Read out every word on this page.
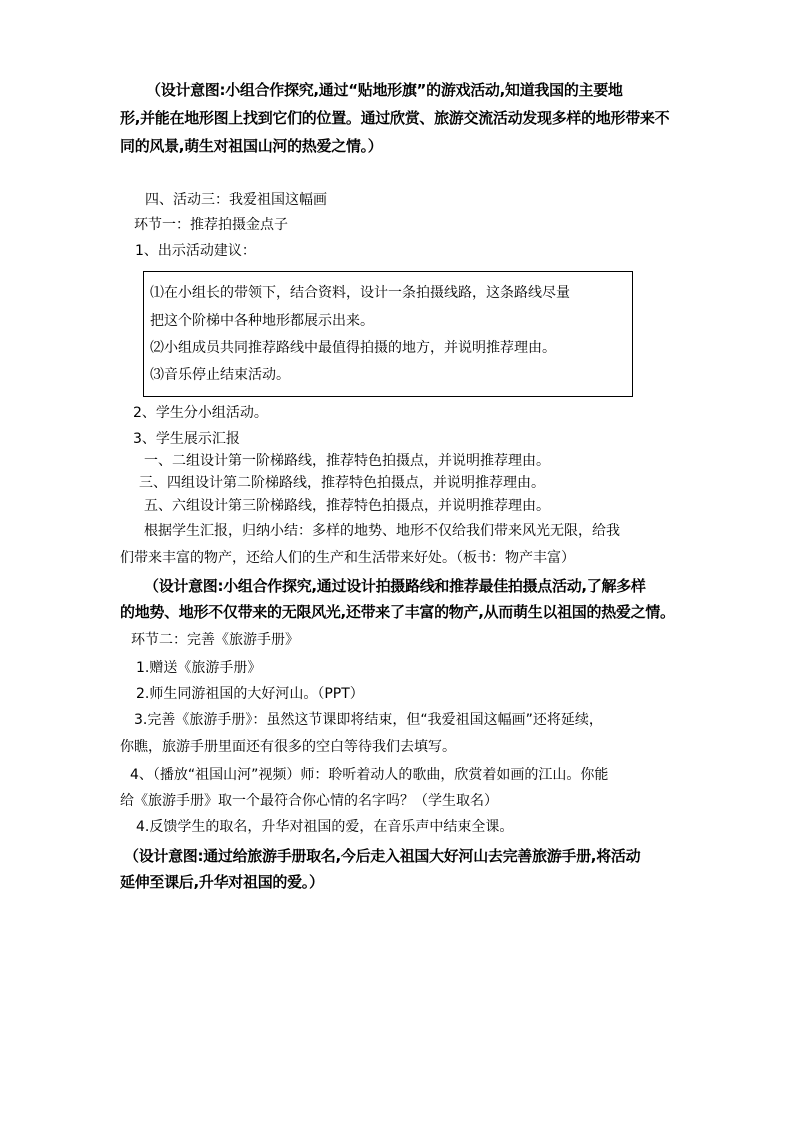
（设计意图:小组合作探究,通过“贴地形旗”的游戏活动,知道我国的主要地
形,并能在地形图上找到它们的位置。通过欣赏、旅游交流活动发现多样的地形带来不
同的风景,萌生对祖国山河的热爱之情。）
四、活动三：我爱祖国这幅画
环节一：推荐拍摄金点子
1、出示活动建议：
⑴在小组长的带领下，结合资料，设计一条拍摄线路，这条路线尽量
把这个阶梯中各种地形都展示出来。
⑵小组成员共同推荐路线中最值得拍摄的地方，并说明推荐理由。
⑶音乐停止结束活动。
2、学生分小组活动。
3、学生展示汇报
一、二组设计第一阶梯路线，推荐特色拍摄点，并说明推荐理由。
三、四组设计第二阶梯路线，推荐特色拍摄点，并说明推荐理由。
五、六组设计第三阶梯路线，推荐特色拍摄点，并说明推荐理由。
根据学生汇报，归纳小结：多样的地势、地形不仅给我们带来风光无限，给我
们带来丰富的物产，还给人们的生产和生活带来好处。（板书：物产丰富）
（设计意图:小组合作探究,通过设计拍摄路线和推荐最佳拍摄点活动,了解多样
的地势、地形不仅带来的无限风光,还带来了丰富的物产,从而萌生以祖国的热爱之情。
环节二：完善《旅游手册》
1.赠送《旅游手册》
2.师生同游祖国的大好河山。（PPT）
3.完善《旅游手册》：虽然这节课即将结束，但“我爱祖国这幅画”还将延续，
你瞧，旅游手册里面还有很多的空白等待我们去填写。
4、（播放“祖国山河”视频）师：聆听着动人的歌曲，欣赏着如画的江山。你能
给《旅游手册》取一个最符合你心情的名字吗？（学生取名）
4.反馈学生的取名，升华对祖国的爱，在音乐声中结束全课。
（设计意图:通过给旅游手册取名,今后走入祖国大好河山去完善旅游手册,将活动
延伸至课后,升华对祖国的爱。）
